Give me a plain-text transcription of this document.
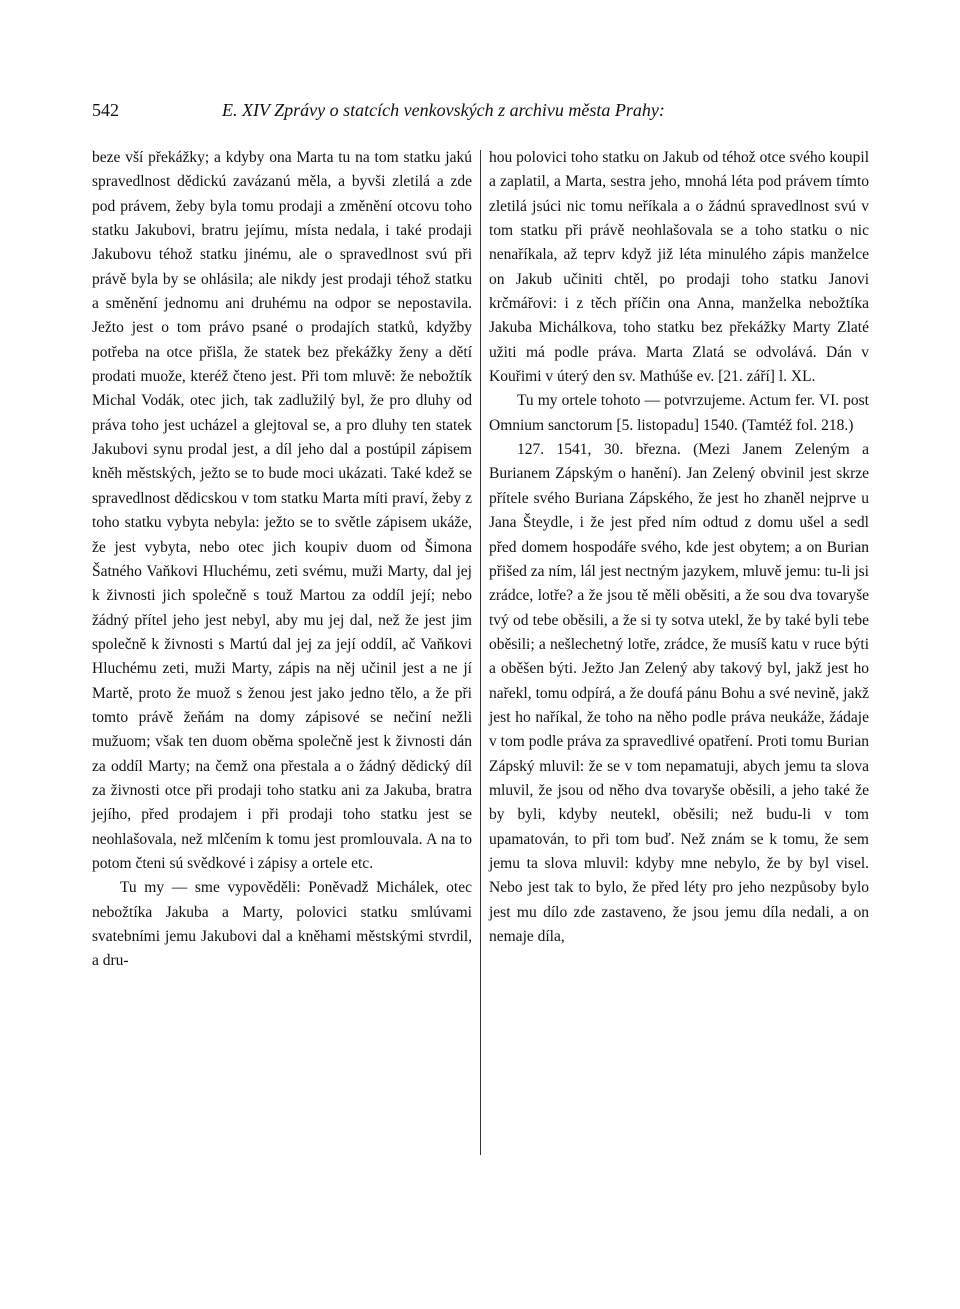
542	E. XIV Zprávy o statcích venkovských z archivu města Prahy:

beze vší překážky; a kdyby ona Marta tu na tom statku jakú spravedlnost dědickú zavázanú měla, a byvši zletilá a zde pod právem, žeby byla tomu prodaji a změnění otcovu toho statku Jakubovi, bratru jejímu, místa nedala, i také prodaji Jakubovu téhož statku jinému, ale o spravedlnost svú při právě byla by se ohlásila; ale nikdy jest prodaji téhož statku a směnění jednomu ani druhému na odpor se nepostavila. Ježto jest o tom právo psané o prodajích statků, kdyžby potřeba na otce přišla, že statek bez překážky ženy a dětí prodati muože, kteréž čteno jest. Při tom mluvě: že nebožtík Michal Vodák, otec jich, tak zadlužilý byl, že pro dluhy od práva toho jest ucházel a glejtoval se, a pro dluhy ten statek Jakubovi synu prodal jest, a díl jeho dal a postúpil zápisem kněh městských, ježto se to bude moci ukázati. Také kdež se spravedlnost dědicskou v tom statku Marta míti praví, žeby z toho statku vybyta nebyla: ježto se to světle zápisem ukáže, že jest vybyta, nebo otec jich koupiv duom od Šimona Šatného Vaňkovi Hluchému, zeti svému, muži Marty, dal jej k živnosti jich společně s touž Martou za oddíl její; nebo žádný přítel jeho jest nebyl, aby mu jej dal, než že jest jim společně k živnosti s Martú dal jej za její oddíl, ač Vaňkovi Hluchému zeti, muži Marty, zápis na něj učinil jest a ne jí Martě, proto že muož s ženou jest jako jedno tělo, a že při tomto právě žeňám na domy zápisové se nečiní nežli mužuom; však ten duom oběma společně jest k živnosti dán za oddíl Marty; na čemž ona přestala a o žádný dědický díl za živnosti otce při prodaji toho statku ani za Jakuba, bratra jejího, před prodajem i při prodaji toho statku jest se neohlašovala, než mlčením k tomu jest promlouvala. A na to potom čteni sú svědkové i zápisy a ortele etc.

Tu my — sme vypověděli: Poněvadž Michálek, otec nebožtíka Jakuba a Marty, polovici statku smlúvami svatebními jemu Jakubovi dal a kněhami městskými stvrdil, a dru-

hou polovici toho statku on Jakub od téhož otce svého koupil a zaplatil, a Marta, sestra jeho, mnohá léta pod právem tímto zletilá jsúci nic tomu neříkala a o žádnú spravedlnost svú v tom statku při právě neohlašovala se a toho statku o nic nenaříkala, až teprv když již léta minulého zápis manželce on Jakub učiniti chtěl, po prodaji toho statku Janovi krčmářovi: i z těch příčin ona Anna, manželka nebožtíka Jakuba Michálkova, toho statku bez překážky Marty Zlaté užiti má podle práva. Marta Zlatá se odvolává. Dán v Kouřimi v úterý den sv. Mathúše ev. [21. září] l. XL.

Tu my ortele tohoto — potvrzujeme. Actum fer. VI. post Omnium sanctorum [5. listopadu] 1540. (Tamtéž fol. 218.)

127. 1541, 30. března. (Mezi Janem Zeleným a Burianem Zápským o hanění). Jan Zelený obvinil jest skrze přítele svého Buriana Zápského, že jest ho zhaněl nejprve u Jana Šteydle, i že jest před ním odtud z domu ušel a sedl před domem hospodáře svého, kde jest obytem; a on Burian přišed za ním, lál jest nectným jazykem, mluvě jemu: tu-li jsi zrádce, lotře? a že jsou tě měli oběsiti, a že sou dva tovaryše tvý od tebe oběsili, a že si ty sotva utekl, že by také byli tebe oběsili; a nešlechetný lotře, zrádce, že musíš katu v ruce býti a oběšen býti. Ježto Jan Zelený aby takový byl, jakž jest ho nařekl, tomu odpírá, a že doufá pánu Bohu a své nevině, jakž jest ho naříkal, že toho na něho podle práva neukáže, žádaje v tom podle práva za spravedlivé opatření. Proti tomu Burian Zápský mluvil: že se v tom nepamatuji, abych jemu ta slova mluvil, že jsou od něho dva tovaryše oběsili, a jeho také že by byli, kdyby neutekl, oběsili; než budu-li v tom upamatován, to při tom buď. Než znám se k tomu, že sem jemu ta slova mluvil: kdyby mne nebylo, že by byl visel. Nebo jest tak to bylo, že před léty pro jeho nezpůsoby bylo jest mu dílo zde zastaveno, že jsou jemu díla nedali, a on nemaje díla,
